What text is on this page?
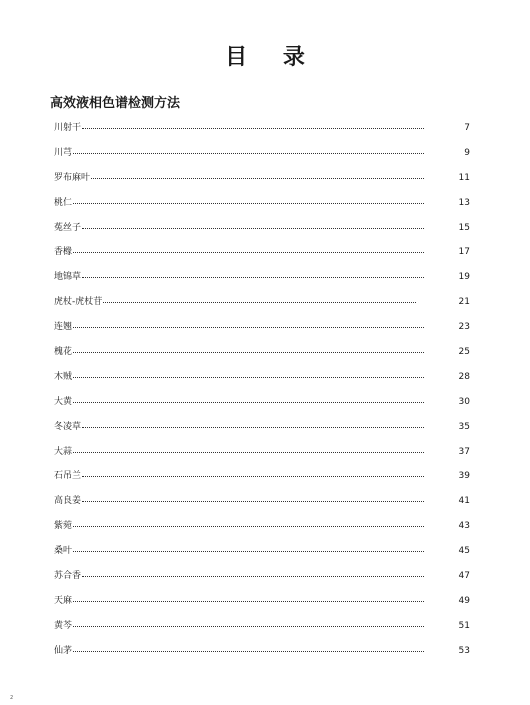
目 录
高效液相色谱检测方法
川射干	7
川芎	9
罗布麻叶	11
桃仁	13
菟丝子	15
香橼	17
地锦草	19
虎杖-虎杖苷	21
连翘	23
槐花	25
木贼	28
大黄	30
冬凌草	35
大蒜	37
石吊兰	39
高良姜	41
紫菀	43
桑叶	45
苏合香	47
天麻	49
黄芩	51
仙茅	53
2
